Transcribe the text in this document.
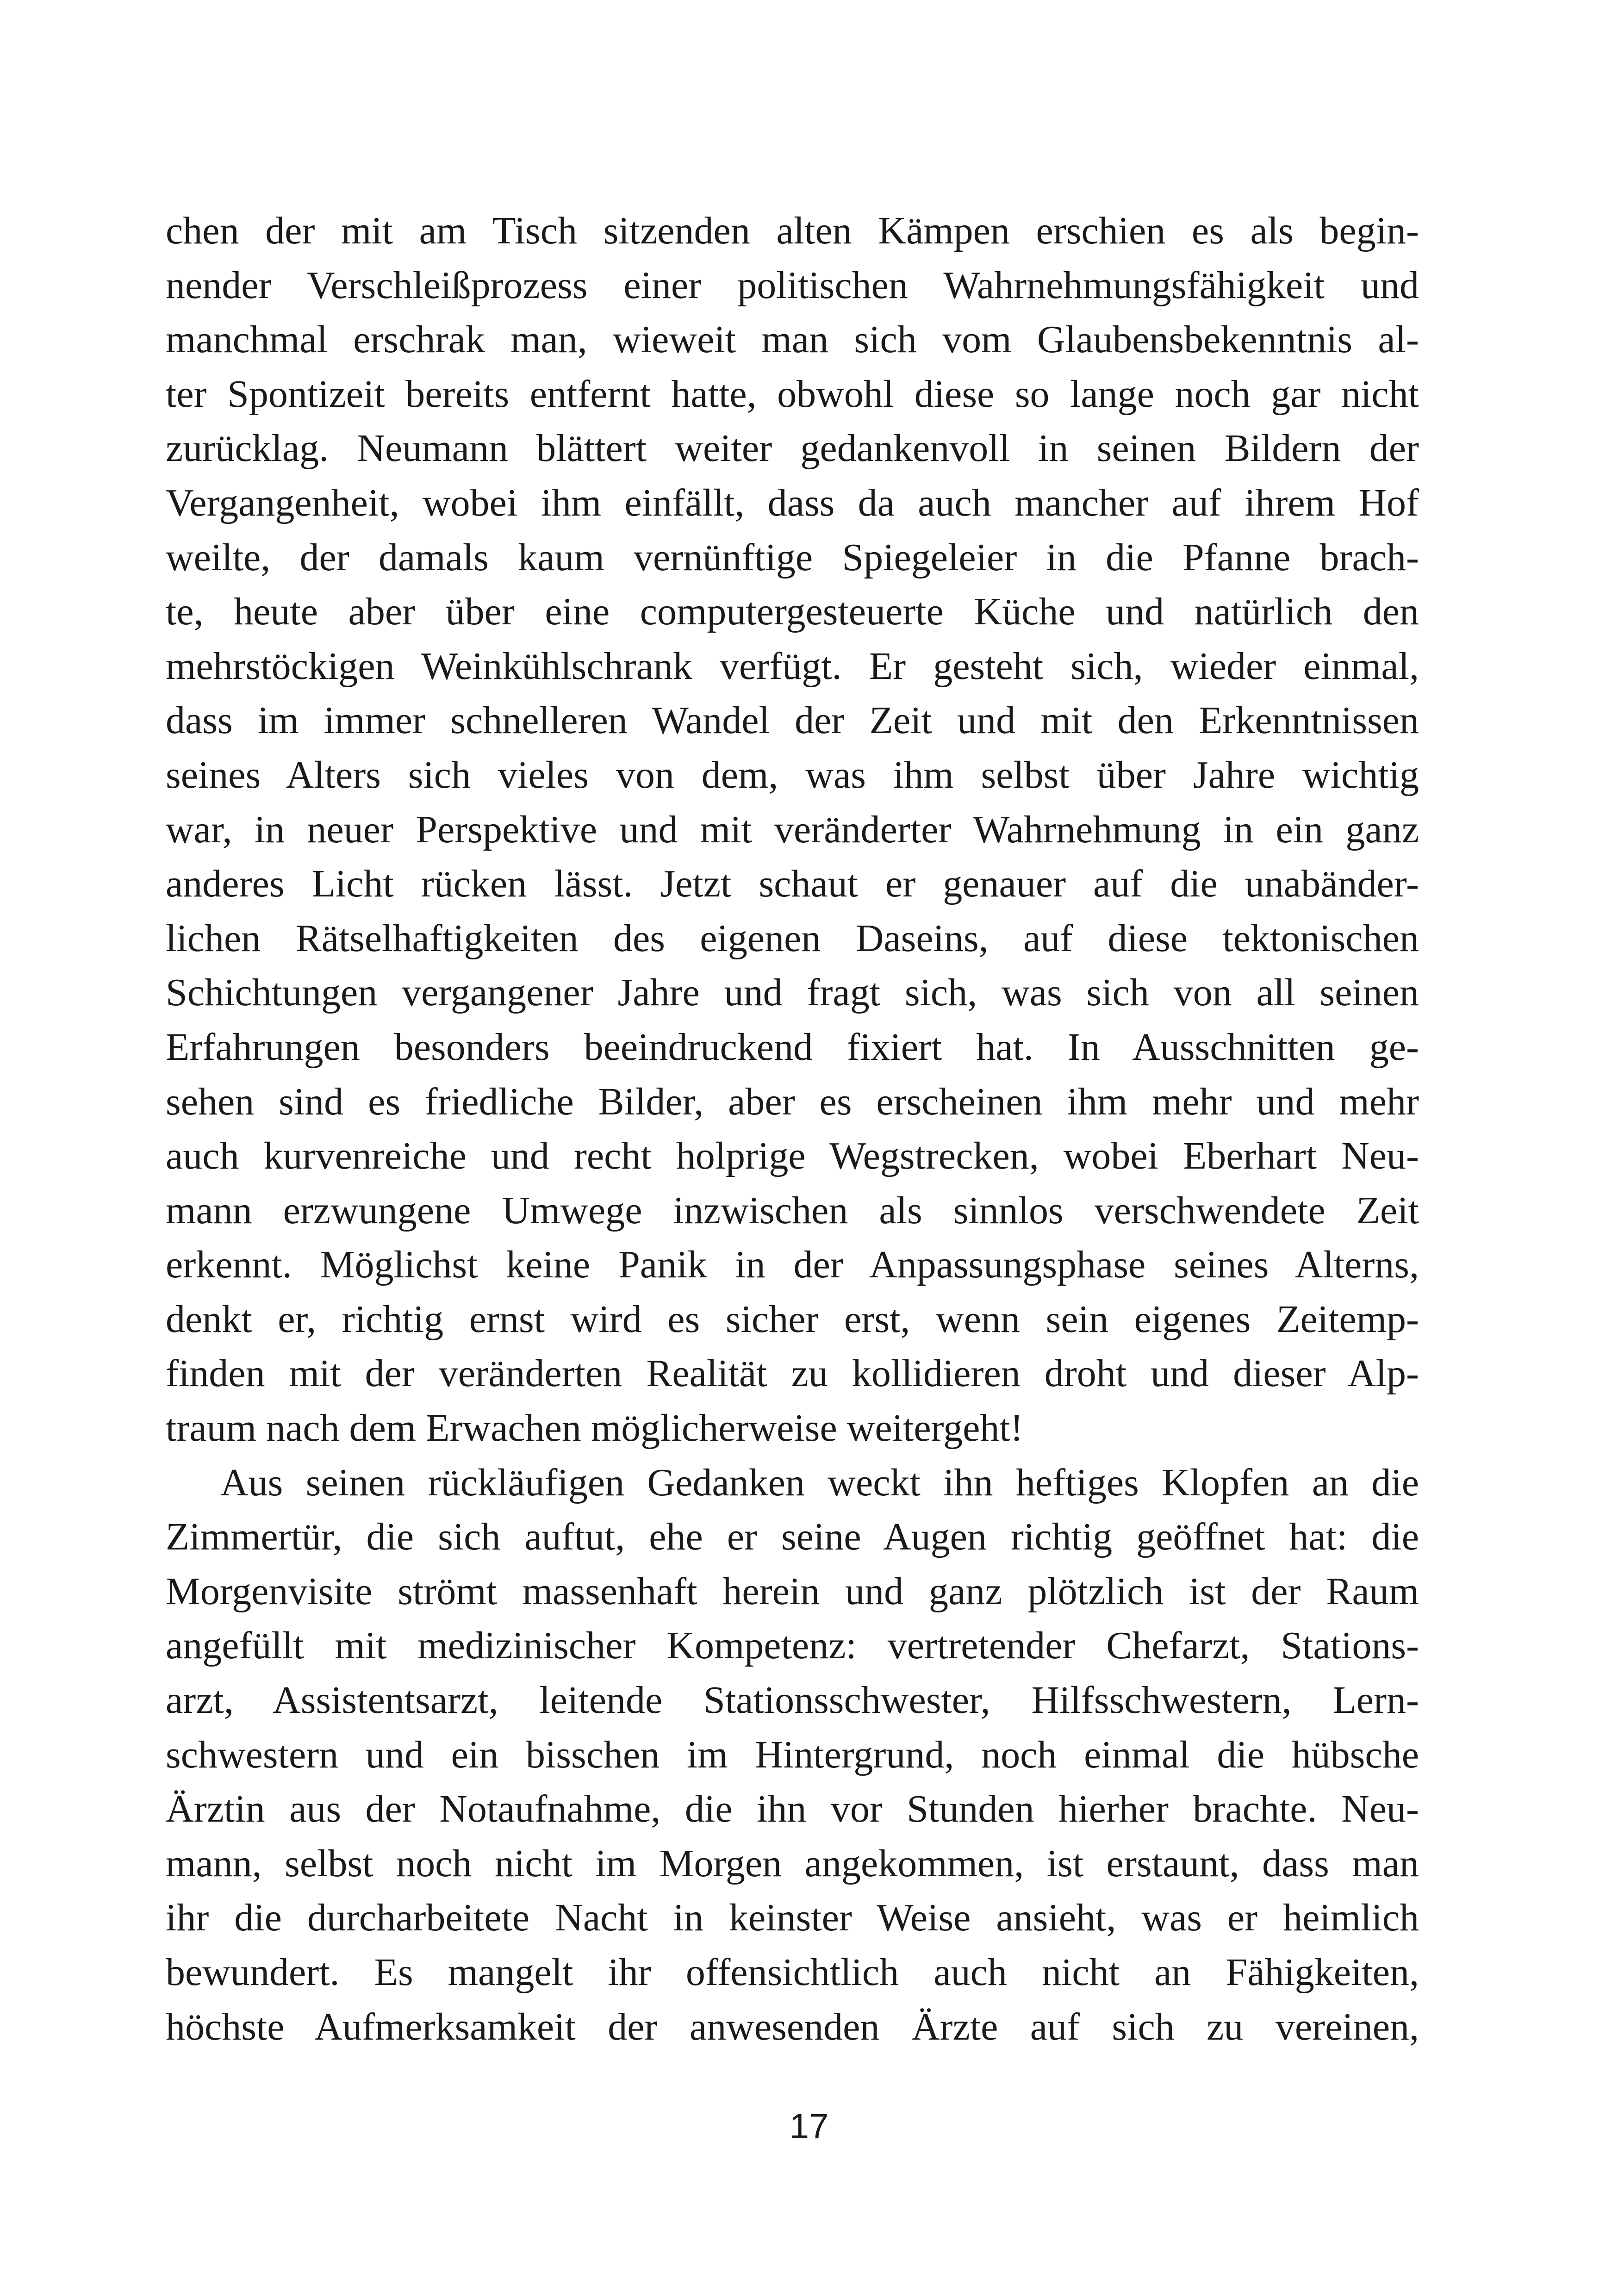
chen der mit am Tisch sitzenden alten Kämpen erschien es als begin-
nender Verschleißprozess einer politischen Wahrnehmungsfähigkeit und
manchmal erschrak man, wieweit man sich vom Glaubensbekenntnis al-
ter Spontizeit bereits entfernt hatte, obwohl diese so lange noch gar nicht
zurücklag. Neumann blättert weiter gedankenvoll in seinen Bildern der
Vergangenheit, wobei ihm einfällt, dass da auch mancher auf ihrem Hof
weilte, der damals kaum vernünftige Spiegeleier in die Pfanne brach-
te, heute aber über eine computergesteuerte Küche und natürlich den
mehrstöckigen Weinkühlschrank verfügt. Er gesteht sich, wieder einmal,
dass im immer schnelleren Wandel der Zeit und mit den Erkenntnissen
seines Alters sich vieles von dem, was ihm selbst über Jahre wichtig
war, in neuer Perspektive und mit veränderter Wahrnehmung in ein ganz
anderes Licht rücken lässt. Jetzt schaut er genauer auf die unabänder-
lichen Rätselhaftigkeiten des eigenen Daseins, auf diese tektonischen
Schichtungen vergangener Jahre und fragt sich, was sich von all seinen
Erfahrungen besonders beeindruckend fixiert hat. In Ausschnitten ge-
sehen sind es friedliche Bilder, aber es erscheinen ihm mehr und mehr
auch kurvenreiche und recht holprige Wegstrecken, wobei Eberhart Neu-
mann erzwungene Umwege inzwischen als sinnlos verschwendete Zeit
erkennt. Möglichst keine Panik in der Anpassungsphase seines Alterns,
denkt er, richtig ernst wird es sicher erst, wenn sein eigenes Zeitemp-
finden mit der veränderten Realität zu kollidieren droht und dieser Alp-
traum nach dem Erwachen möglicherweise weitergeht!
Aus seinen rückläufigen Gedanken weckt ihn heftiges Klopfen an die
Zimmertür, die sich auftut, ehe er seine Augen richtig geöffnet hat: die
Morgenvisite strömt massenhaft herein und ganz plötzlich ist der Raum
angefüllt mit medizinischer Kompetenz: vertretender Chefarzt, Stations-
arzt, Assistentsarzt, leitende Stationsschwester, Hilfsschwestern, Lern-
schwestern und ein bisschen im Hintergrund, noch einmal die hübsche
Ärztin aus der Notaufnahme, die ihn vor Stunden hierher brachte. Neu-
mann, selbst noch nicht im Morgen angekommen, ist erstaunt, dass man
ihr die durcharbeitete Nacht in keinster Weise ansieht, was er heimlich
bewundert. Es mangelt ihr offensichtlich auch nicht an Fähigkeiten,
höchste Aufmerksamkeit der anwesenden Ärzte auf sich zu vereinen,
17
